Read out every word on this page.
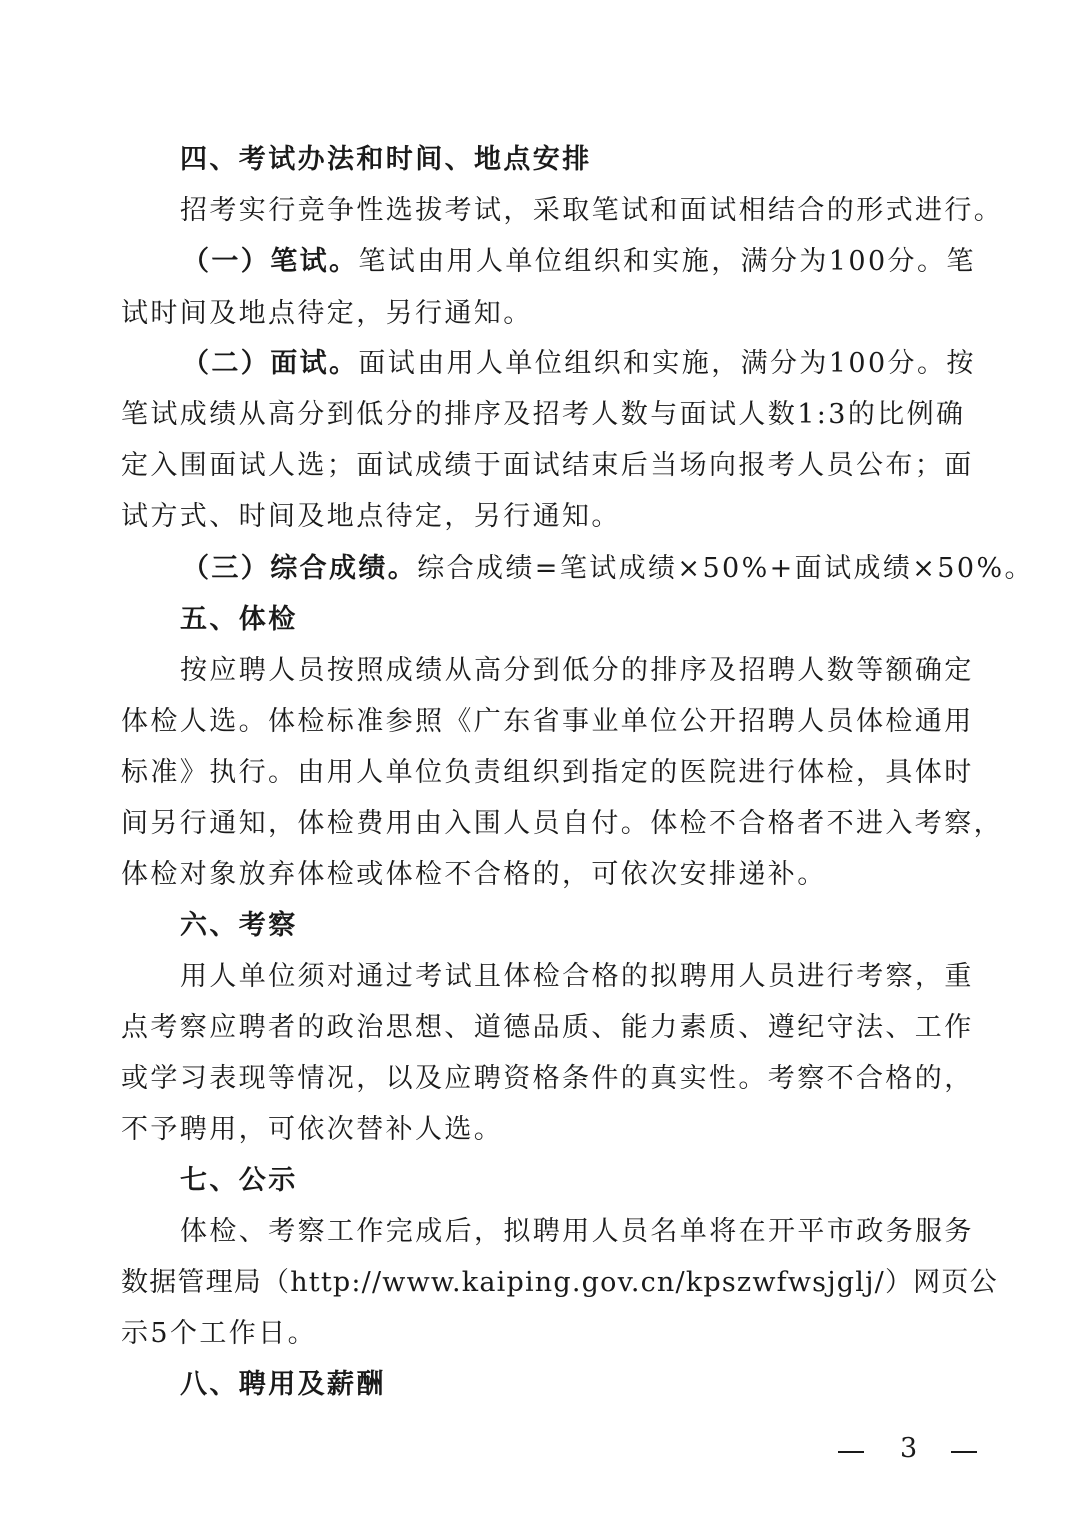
四、考试办法和时间、地点安排
招考实行竞争性选拔考试，采取笔试和面试相结合的形式进行。
（一）笔试。笔试由用人单位组织和实施，满分为100分。笔
试时间及地点待定，另行通知。
（二）面试。面试由用人单位组织和实施，满分为100分。按
笔试成绩从高分到低分的排序及招考人数与面试人数1:3的比例确
定入围面试人选；面试成绩于面试结束后当场向报考人员公布；面
试方式、时间及地点待定，另行通知。
（三）综合成绩。综合成绩=笔试成绩×50%+面试成绩×50%。
五、体检
按应聘人员按照成绩从高分到低分的排序及招聘人数等额确定
体检人选。体检标准参照《广东省事业单位公开招聘人员体检通用
标准》执行。由用人单位负责组织到指定的医院进行体检，具体时
间另行通知，体检费用由入围人员自付。体检不合格者不进入考察，
体检对象放弃体检或体检不合格的，可依次安排递补。
六、考察
用人单位须对通过考试且体检合格的拟聘用人员进行考察，重
点考察应聘者的政治思想、道德品质、能力素质、遵纪守法、工作
或学习表现等情况，以及应聘资格条件的真实性。考察不合格的，
不予聘用，可依次替补人选。
七、公示
体检、考察工作完成后，拟聘用人员名单将在开平市政务服务
数据管理局（http://www.kaiping.gov.cn/kpszwfwsjglj/）网页公
示5个工作日。
八、聘用及薪酬
3
